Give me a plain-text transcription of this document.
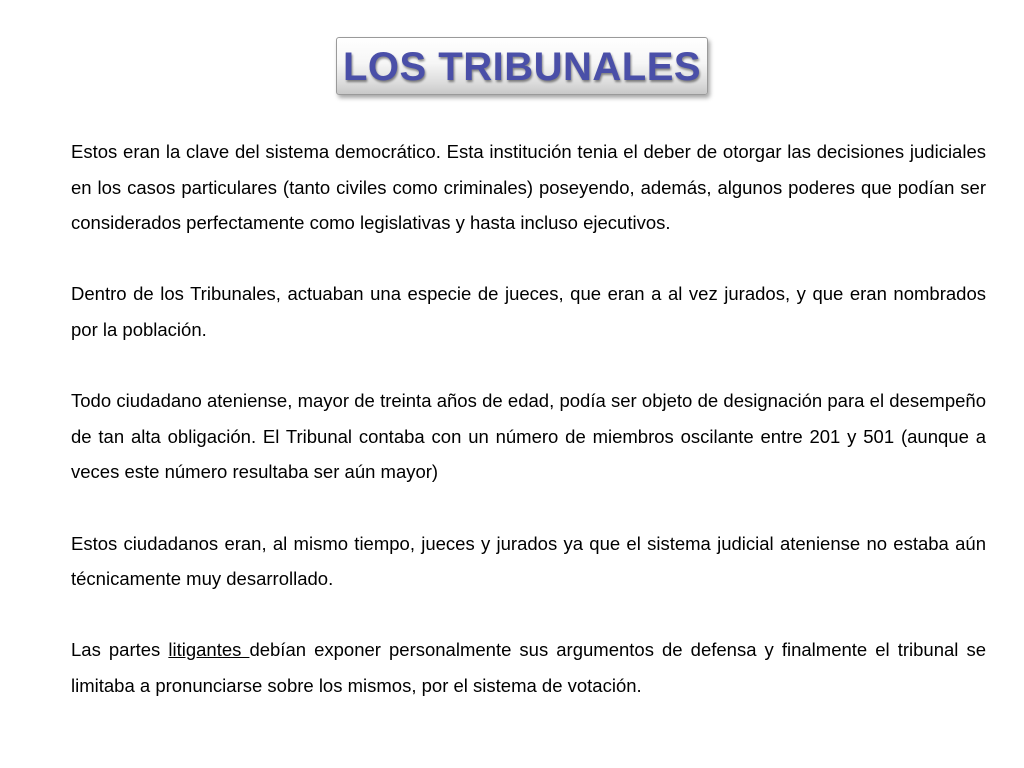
LOS TRIBUNALES

Estos eran la clave del sistema democrático. Esta institución tenia el deber de otorgar las decisiones judiciales en los casos particulares (tanto civiles como criminales) poseyendo, además, algunos poderes que podían ser considerados perfectamente como legislativas y hasta incluso ejecutivos.

Dentro de los Tribunales, actuaban una especie de jueces, que eran a al vez jurados, y que eran nombrados por la población.

Todo ciudadano ateniense, mayor de treinta años de edad, podía ser objeto de designación para el desempeño de tan alta obligación. El Tribunal contaba con un número de miembros oscilante entre 201 y 501 (aunque a veces este número resultaba ser aún mayor)

Estos ciudadanos eran, al mismo tiempo, jueces y jurados ya que el sistema judicial ateniense no estaba aún técnicamente muy desarrollado.

Las partes litigantes debían exponer personalmente sus argumentos de defensa y finalmente el tribunal se limitaba a pronunciarse sobre los mismos, por el sistema de votación.
